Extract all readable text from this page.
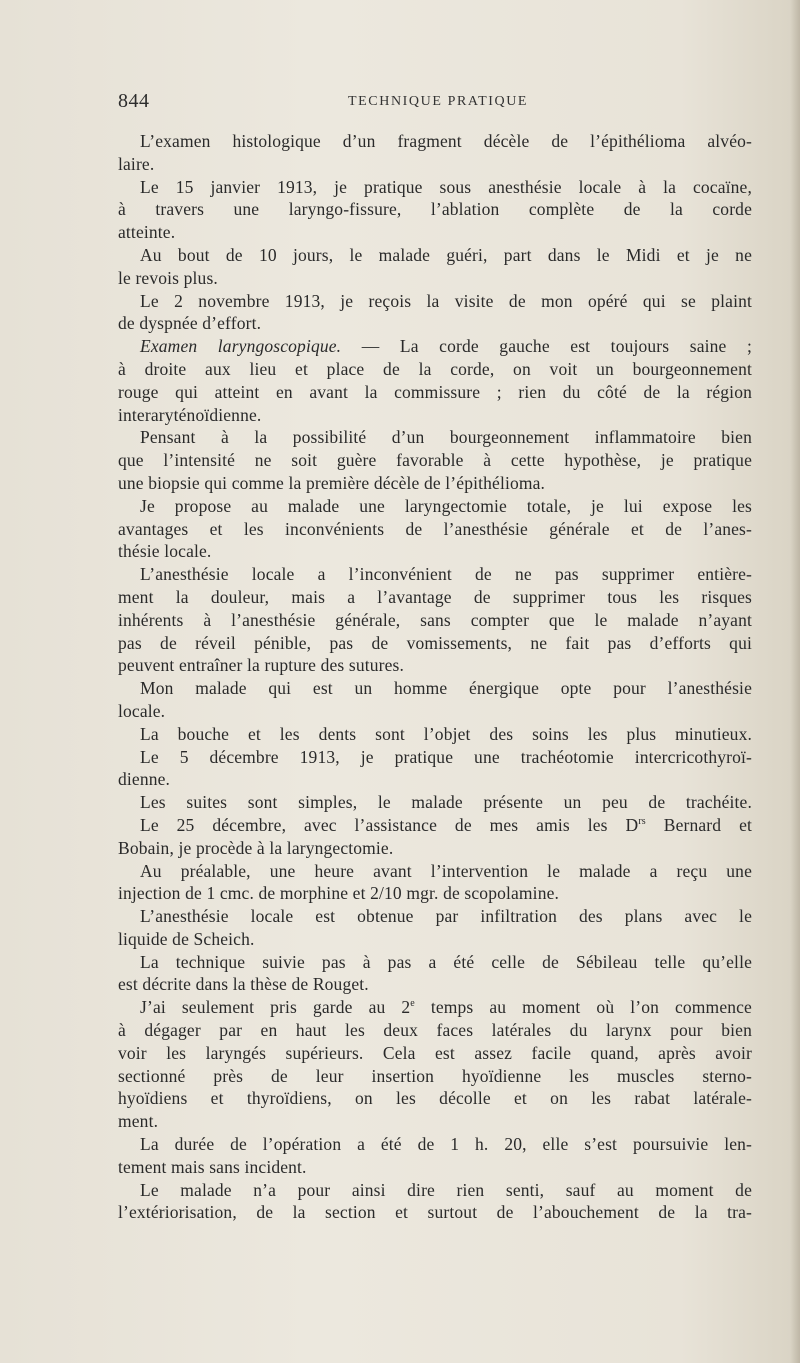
844	TECHNIQUE PRATIQUE
L’examen histologique d’un fragment décèle de l’épithélioma alvéo-
laire.
Le 15 janvier 1913, je pratique sous anesthésie locale à la cocaïne,
à travers une laryngo-fissure, l’ablation complète de la corde
atteinte.
Au bout de 10 jours, le malade guéri, part dans le Midi et je ne
le revois plus.
Le 2 novembre 1913, je reçois la visite de mon opéré qui se plaint
de dyspnée d’effort.
Examen laryngoscopique. — La corde gauche est toujours saine ;
à droite aux lieu et place de la corde, on voit un bourgeonnement
rouge qui atteint en avant la commissure ; rien du côté de la région
interaryténoïdienne.
Pensant à la possibilité d’un bourgeonnement inflammatoire bien
que l’intensité ne soit guère favorable à cette hypothèse, je pratique
une biopsie qui comme la première décèle de l’épithélioma.
Je propose au malade une laryngectomie totale, je lui expose les
avantages et les inconvénients de l’anesthésie générale et de l’anes-
thésie locale.
L’anesthésie locale a l’inconvénient de ne pas supprimer entière-
ment la douleur, mais a l’avantage de supprimer tous les risques
inhérents à l’anesthésie générale, sans compter que le malade n’ayant
pas de réveil pénible, pas de vomissements, ne fait pas d’efforts qui
peuvent entraîner la rupture des sutures.
Mon malade qui est un homme énergique opte pour l’anesthésie
locale.
La bouche et les dents sont l’objet des soins les plus minutieux.
Le 5 décembre 1913, je pratique une trachéotomie intercricothyroï-
dienne.
Les suites sont simples, le malade présente un peu de trachéite.
Le 25 décembre, avec l’assistance de mes amis les $D^{rs}$ Bernard et
Bobain, je procède à la laryngectomie.
Au préalable, une heure avant l’intervention le malade a reçu une
injection de 1 cmc. de morphine et 2/10 mgr. de scopolamine.
L’anesthésie locale est obtenue par infiltration des plans avec le
liquide de Scheich.
La technique suivie pas à pas a été celle de Sébileau telle qu’elle
est décrite dans la thèse de Rouget.
J’ai seulement pris garde au 2e temps au moment où l’on commence
à dégager par en haut les deux faces latérales du larynx pour bien
voir les laryngés supérieurs. Cela est assez facile quand, après avoir
sectionné près de leur insertion hyoïdienne les muscles sterno-
hyoïdiens et thyroïdiens, on les décolle et on les rabat latérale-
ment.
La durée de l’opération a été de 1 h. 20, elle s’est poursuivie len-
tement mais sans incident.
Le malade n’a pour ainsi dire rien senti, sauf au moment de
l’extériorisation, de la section et surtout de l’abouchement de la tra-
